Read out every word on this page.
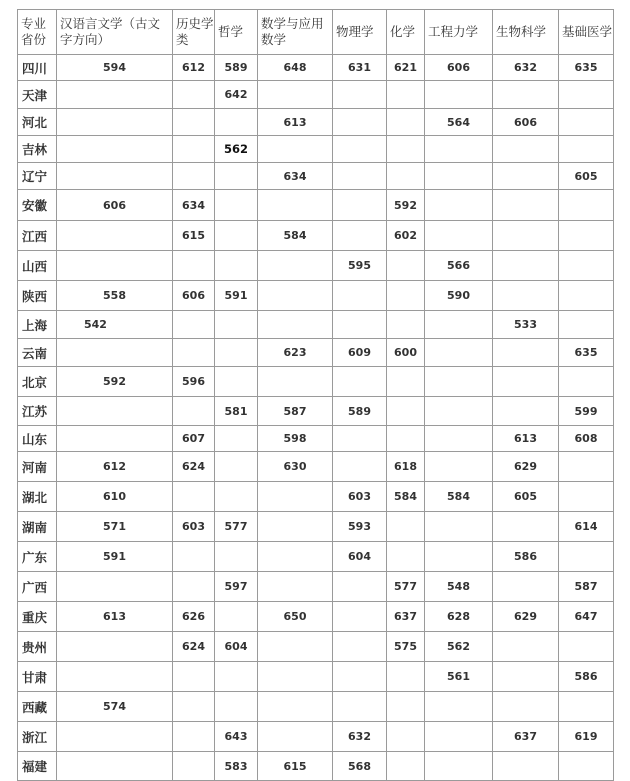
专业省份	汉语言文学（古文字方向）	历史学类	哲学	数学与应用数学	物理学	化学	工程力学	生物科学	基础医学
四川	594	612	589	648	631	621	606	632	635
天津			642						
河北				613			564	606	
吉林			562						
辽宁				634					605
安徽	606	634				592			
江西		615		584		602			
山西					595		566		
陕西	558	606	591				590		
上海	542							533	
云南				623	609	600			635
北京	592	596							
江苏			581	587	589				599
山东		607		598				613	608
河南	612	624		630		618		629	
湖北	610				603	584	584	605	
湖南	571	603	577		593				614
广东	591				604			586	
广西			597			577	548		587
重庆	613	626		650		637	628	629	647
贵州		624	604			575	562		
甘肃							561		586
西藏	574								
浙江			643		632			637	619
福建			583	615	568				
